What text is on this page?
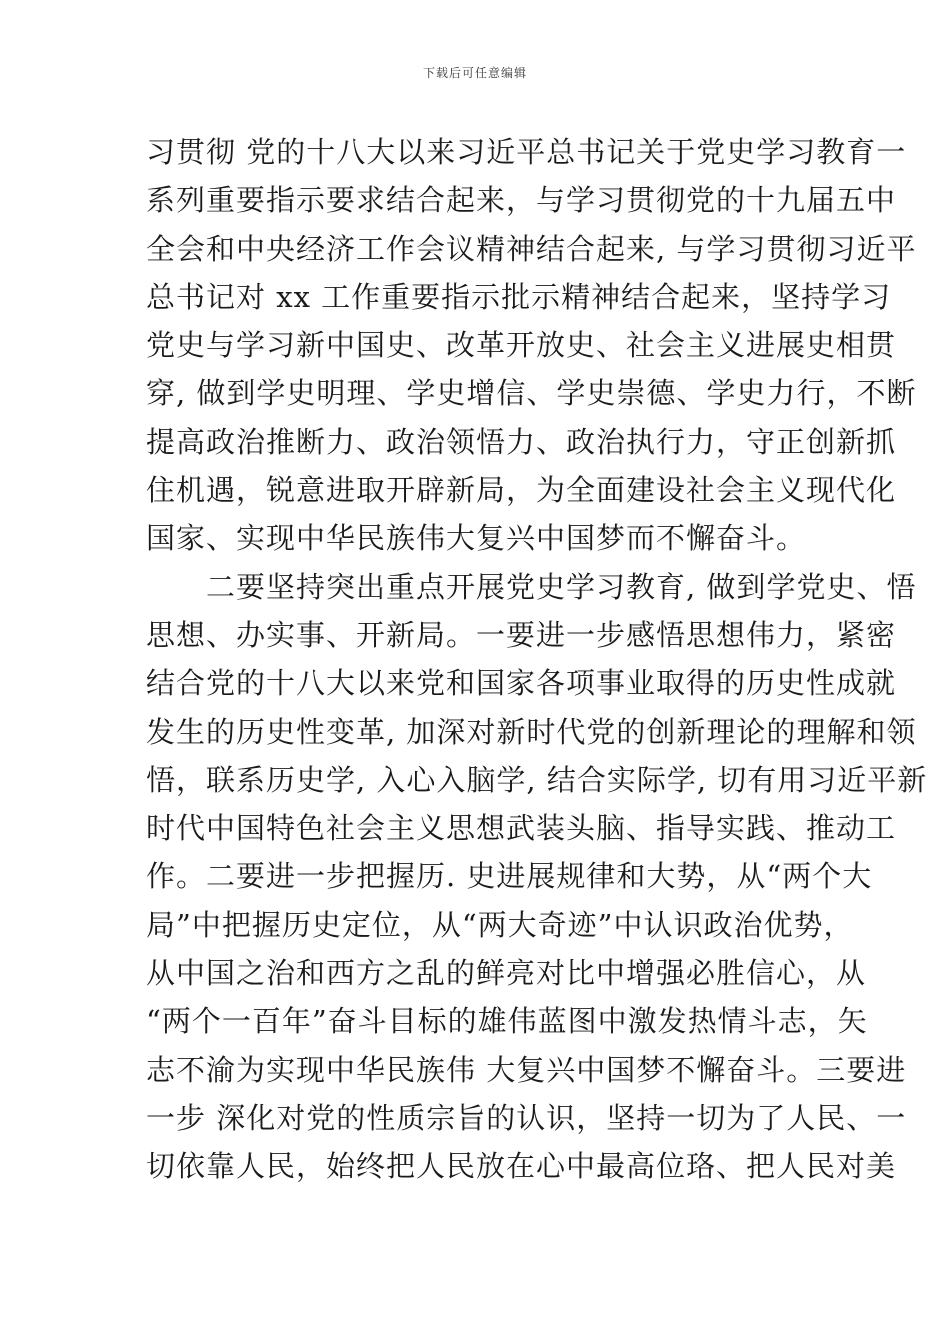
下载后可任意编辑
习贯彻 党的十八大以来习近平总书记关于党史学习教育一
系列重要指示要求结合起来，与学习贯彻党的十九届五中
全会和中央经济工作会议精神结合起来, 与学习贯彻习近平
总书记对 xx 工作重要指示批示精神结合起来，坚持学习
党史与学习新中国史、改革开放史、社会主义进展史相贯
穿, 做到学史明理、学史增信、学史崇德、学史力行，不断
提高政治推断力、政治领悟力、政治执行力，守正创新抓
住机遇，锐意进取开辟新局，为全面建设社会主义现代化
国家、实现中华民族伟大复兴中国梦而不懈奋斗。
　　二要坚持突出重点开展党史学习教育, 做到学党史、悟
思想、办实事、开新局。一要进一步感悟思想伟力，紧密
结合党的十八大以来党和国家各项事业取得的历史性成就
发生的历史性变革, 加深对新时代党的创新理论的理解和领
悟，联系历史学, 入心入脑学, 结合实际学, 切有用习近平新
时代中国特色社会主义思想武装头脑、指导实践、推动工
作。二要进一步把握历. 史进展规律和大势，从“两个大
局”中把握历史定位，从“两大奇迹”中认识政治优势，
从中国之治和西方之乱的鲜亮对比中增强必胜信心，从
“两个一百年”奋斗目标的雄伟蓝图中激发热情斗志，矢
志不渝为实现中华民族伟 大复兴中国梦不懈奋斗。三要进
一步 深化对党的性质宗旨的认识，坚持一切为了人民、一
切依靠人民，始终把人民放在心中最高位珞、把人民对美
